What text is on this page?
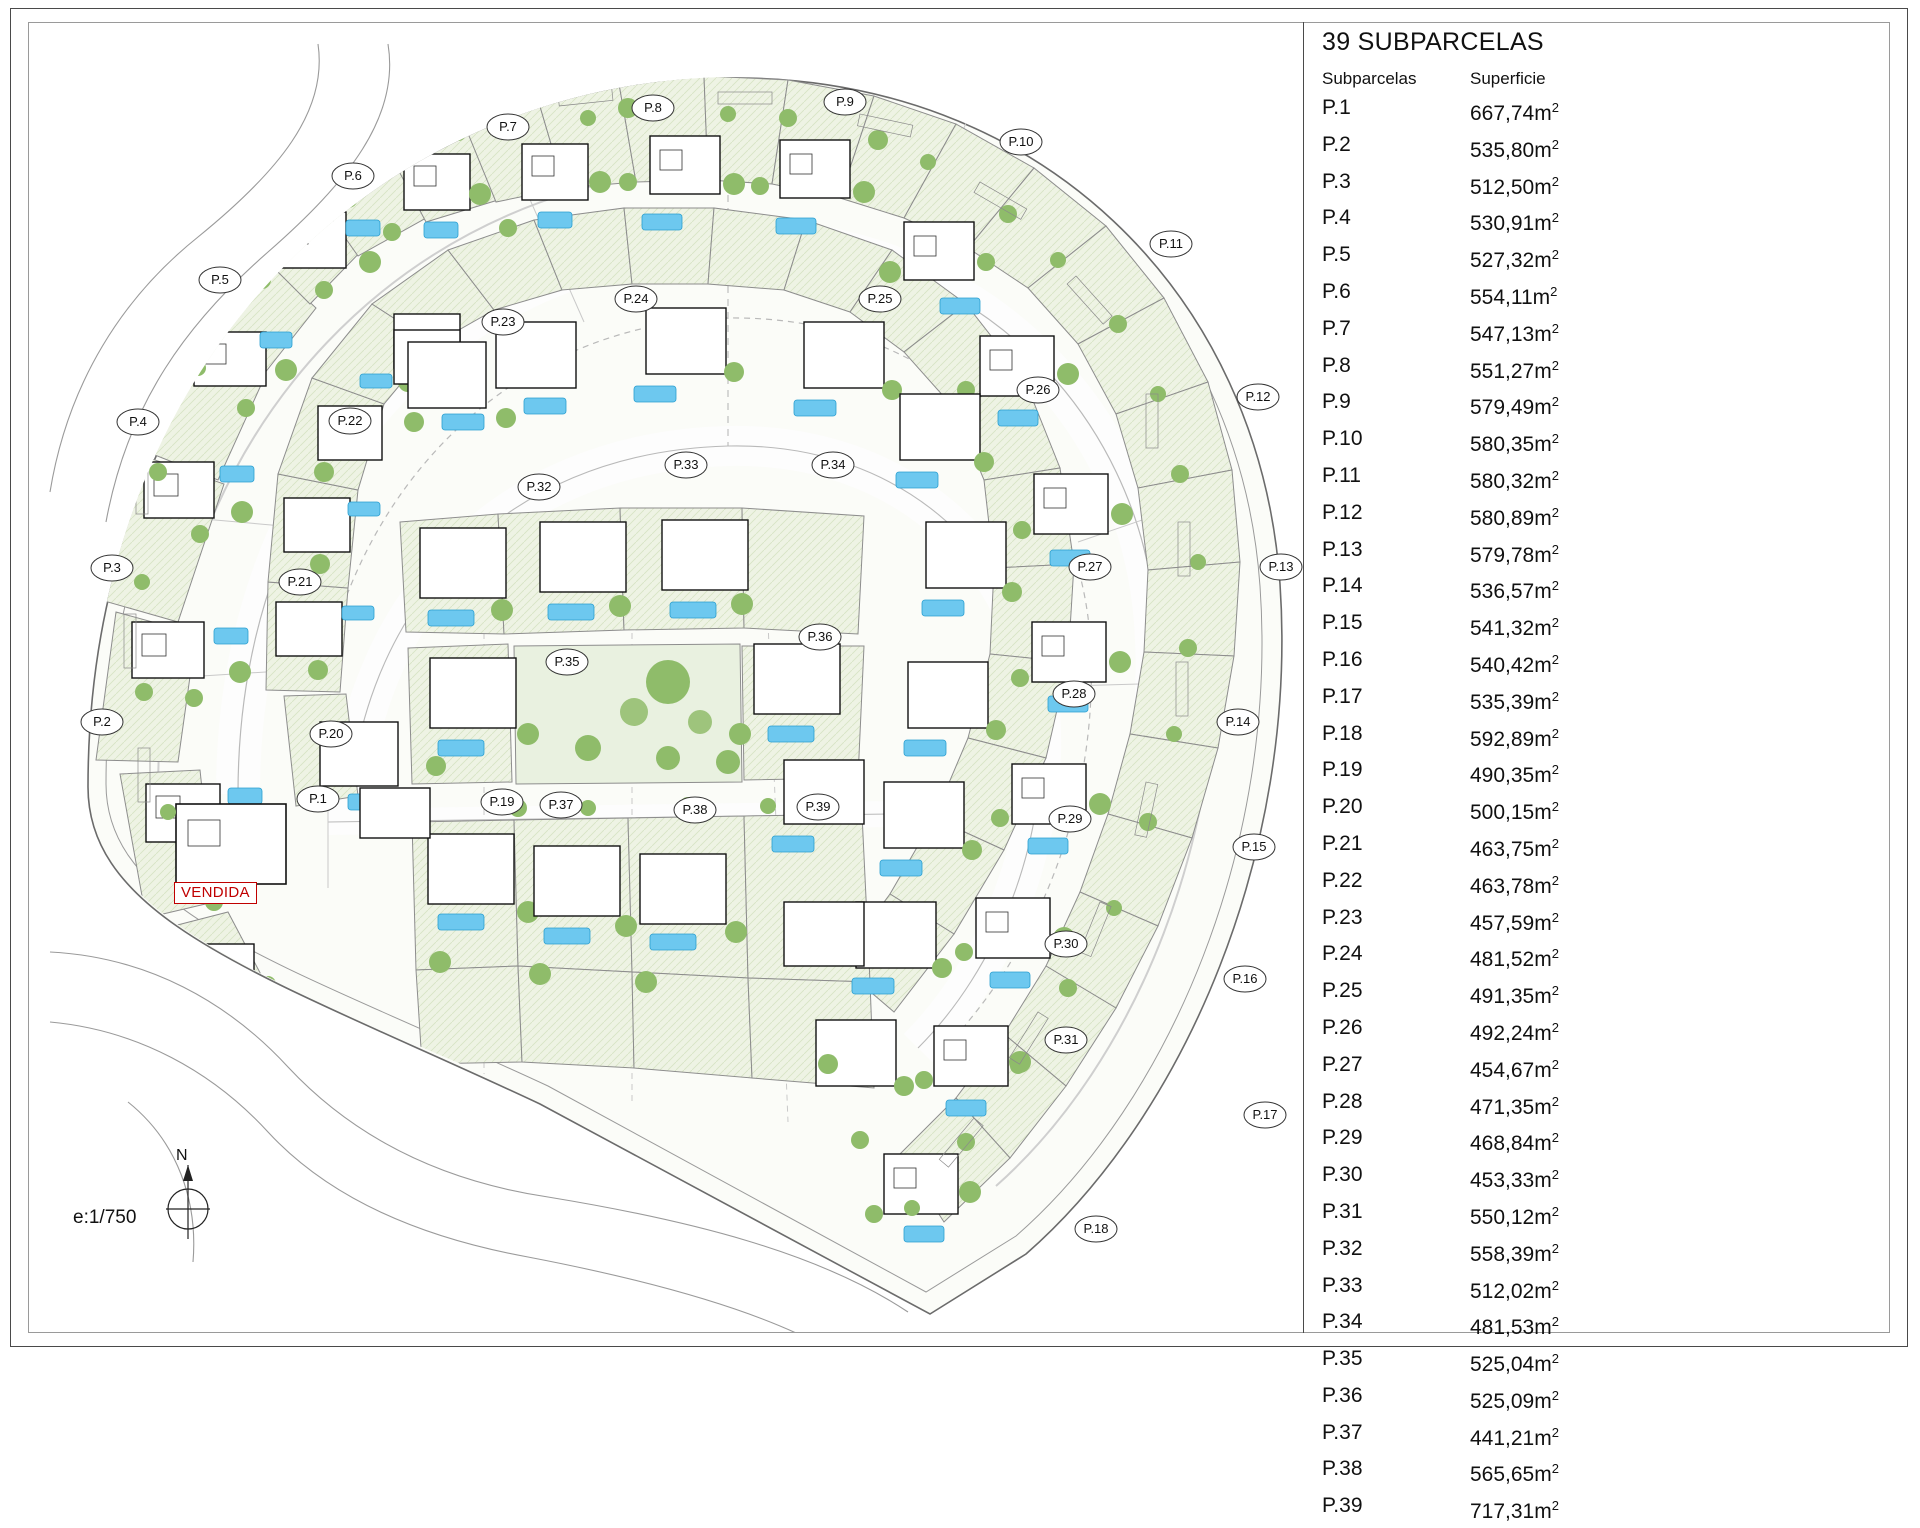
P.1
P.2
P.3
P.4
P.5
P.6
P.7
P.8	P.9
P.10
P.11
P.12
P.13
P.14
P.15
P.16
P.17
P.18
P.19
P.20
P.21
P.22
P.23
P.24	P.25
P.26
P.27
P.28
P.29
P.30
P.31
P.32
P.33	P.34
P.35
P.36
P.37	P.38	P.39
VENDIDA
N
e:1/750
39 SUBPARCELAS
Subparcelas	Superficie
P.1	$667,74m^2$
P.2	$535,80m^2$
P.3	$512,50m^2$
P.4	$530,91m^2$
P.5	$527,32m^2$
P.6	$554,11m^2$
P.7	$547,13m^2$
P.8	$551,27m^2$
P.9	$579,49m^2$
P.10	$580,35m^2$
P.11	$580,32m^2$
P.12	$580,89m^2$
P.13	$579,78m^2$
P.14	$536,57m^2$
P.15	$541,32m^2$
P.16	$540,42m^2$
P.17	$535,39m^2$
P.18	$592,89m^2$
P.19	$490,35m^2$
P.20	$500,15m^2$
P.21	$463,75m^2$
P.22	$463,78m^2$
P.23	$457,59m^2$
P.24	$481,52m^2$
P.25	$491,35m^2$
P.26	$492,24m^2$
P.27	$454,67m^2$
P.28	$471,35m^2$
P.29	$468,84m^2$
P.30	$453,33m^2$
P.31	$550,12m^2$
P.32	$558,39m^2$
P.33	$512,02m^2$
P.34	$481,53m^2$
P.35	$525,04m^2$
P.36	$525,09m^2$
P.37	$441,21m^2$
P.38	$565,65m^2$
P.39	$717,31m^2$
